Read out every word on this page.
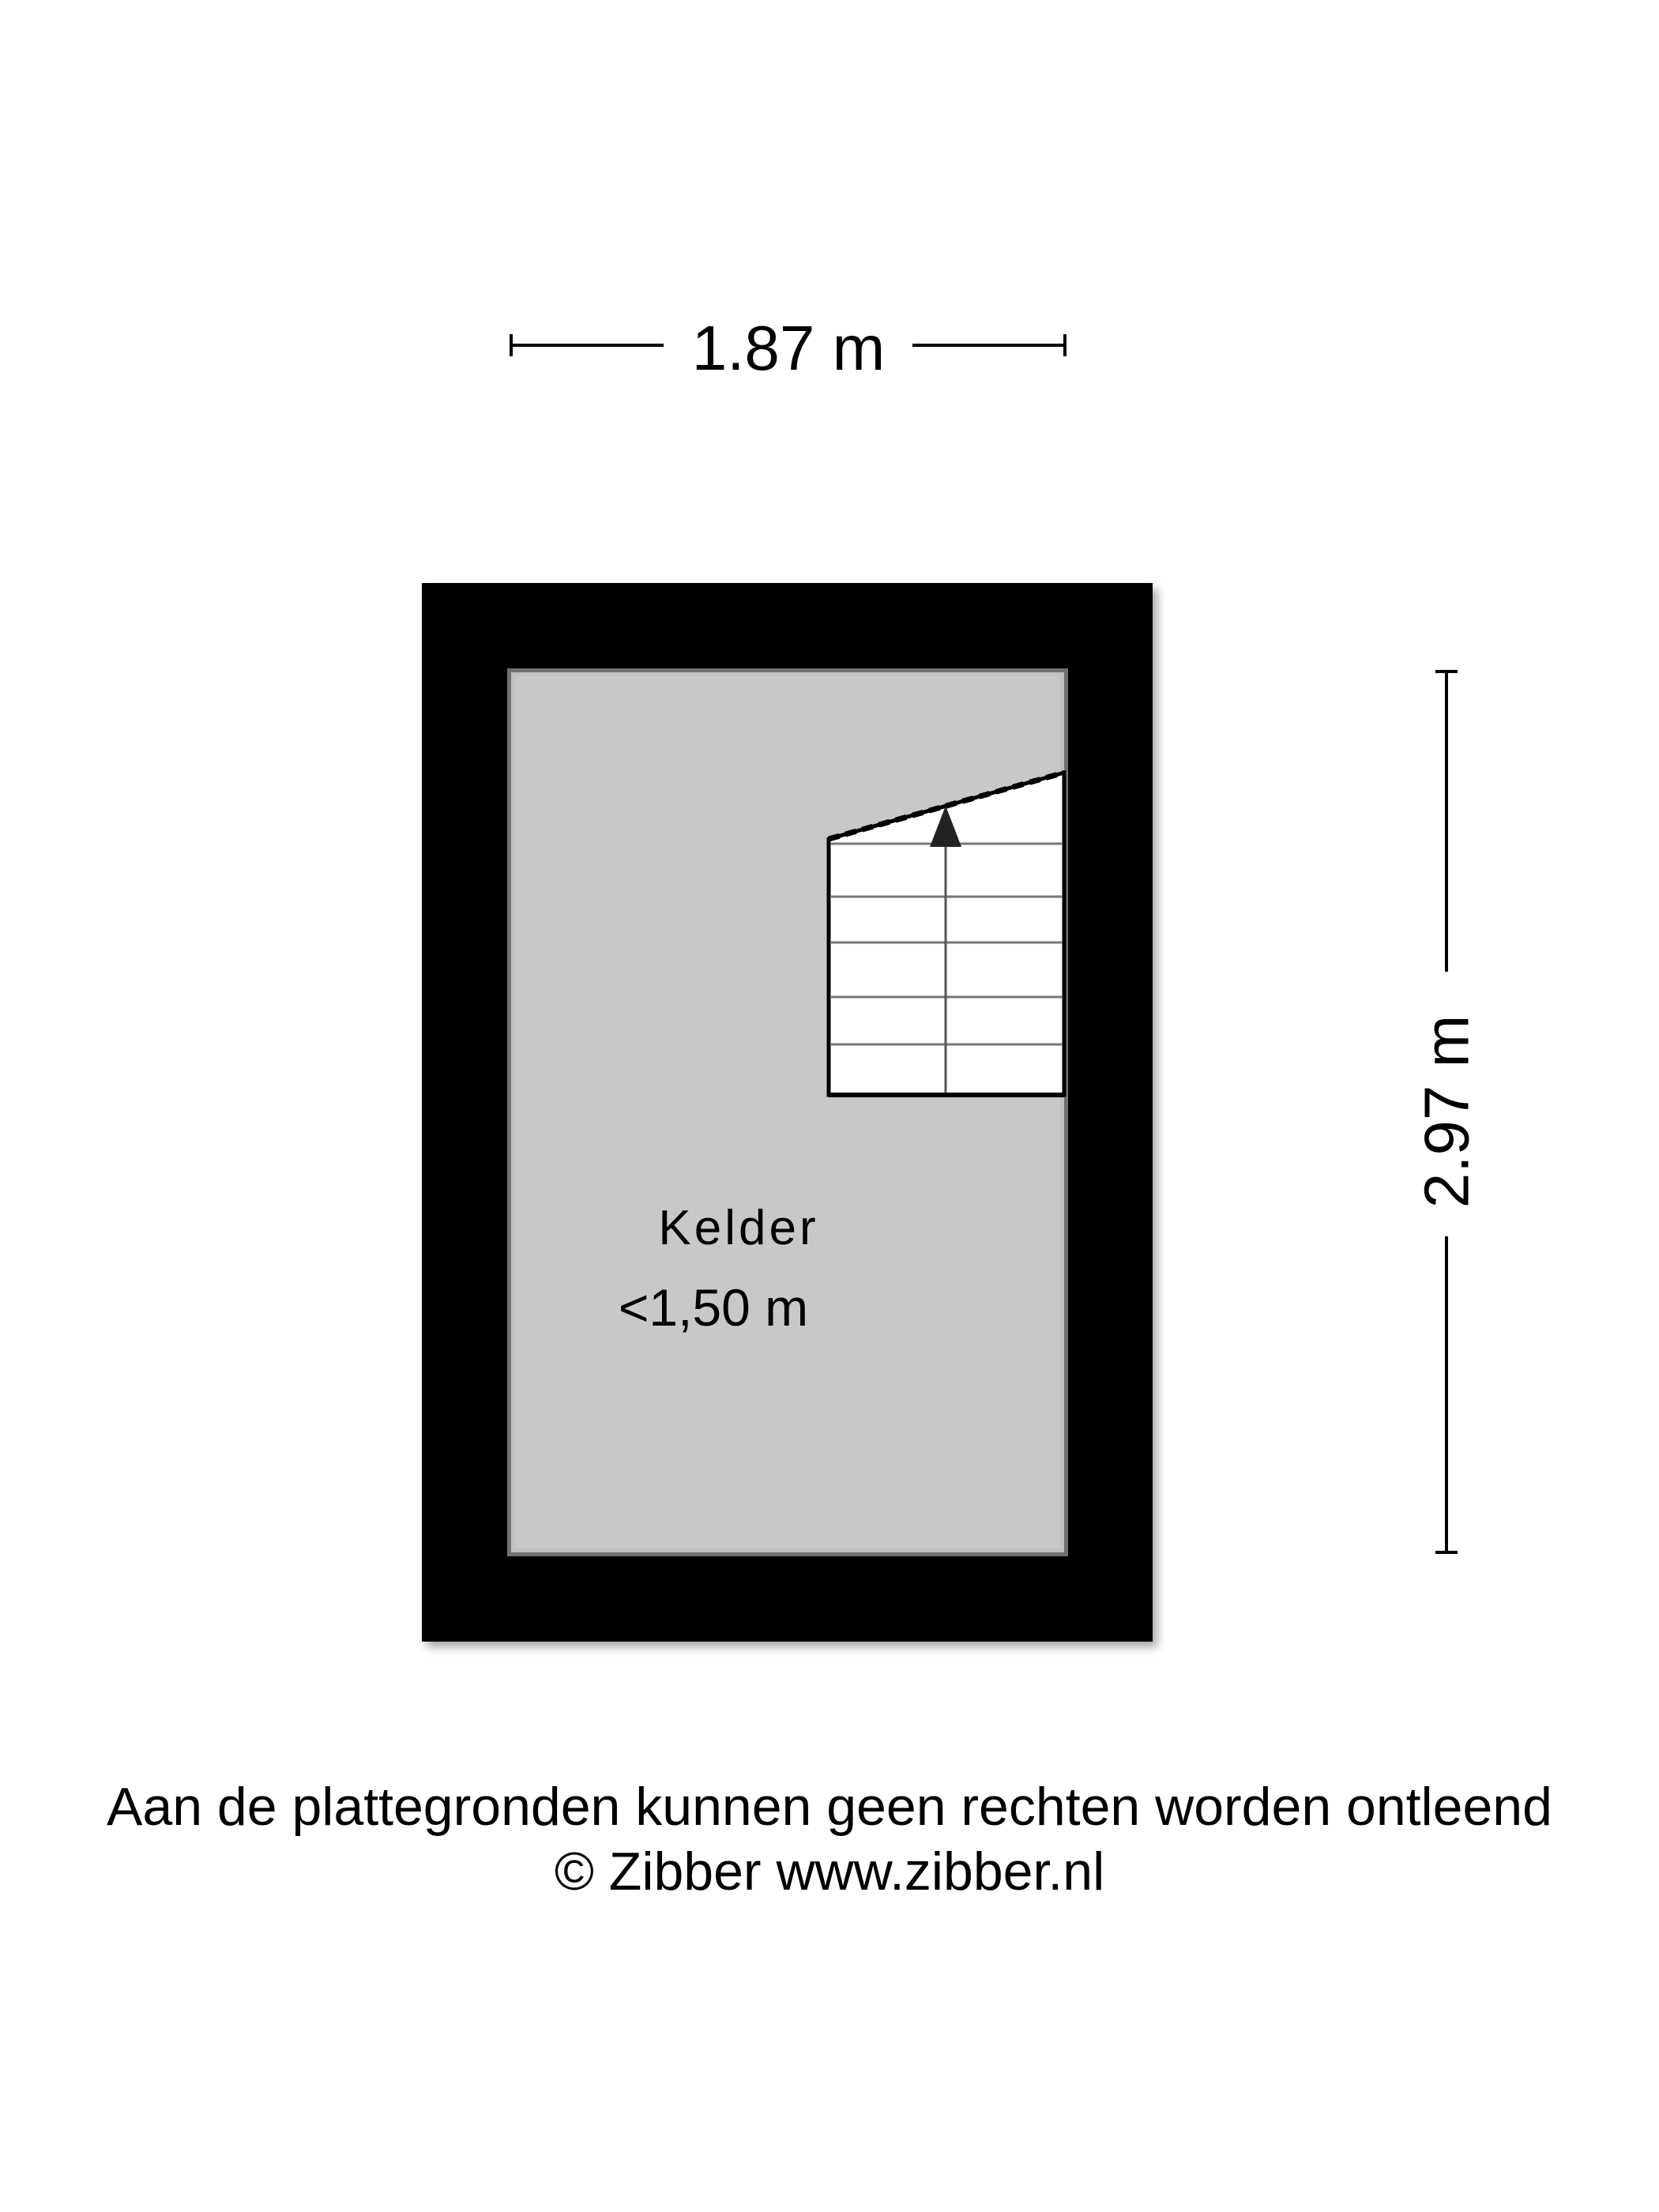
1.87 m
2.97 m
Kelder
<1,50 m
Aan de plattegronden kunnen geen rechten worden ontleend
© Zibber www.zibber.nl
